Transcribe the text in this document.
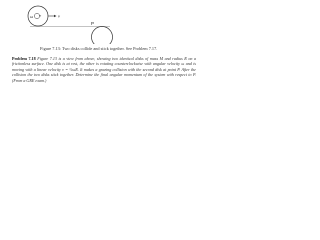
ω	v
P
Figure 7.13: Two disks collide and stick together. See Problem 7.17.
Problem 7.18 Figure 7.13 is a view from above, showing two identical disks of mass M and radius R on a frictionless surface. One disk is at rest, the other is rotating counterclockwise with angular velocity ω and is moving with a linear velocity v = ½ωR. It makes a grazing collision with the second disk at point P. After the collision the two disks stick together. Determine the final angular momentum of the system with respect to P. (From a GRE exam.)
